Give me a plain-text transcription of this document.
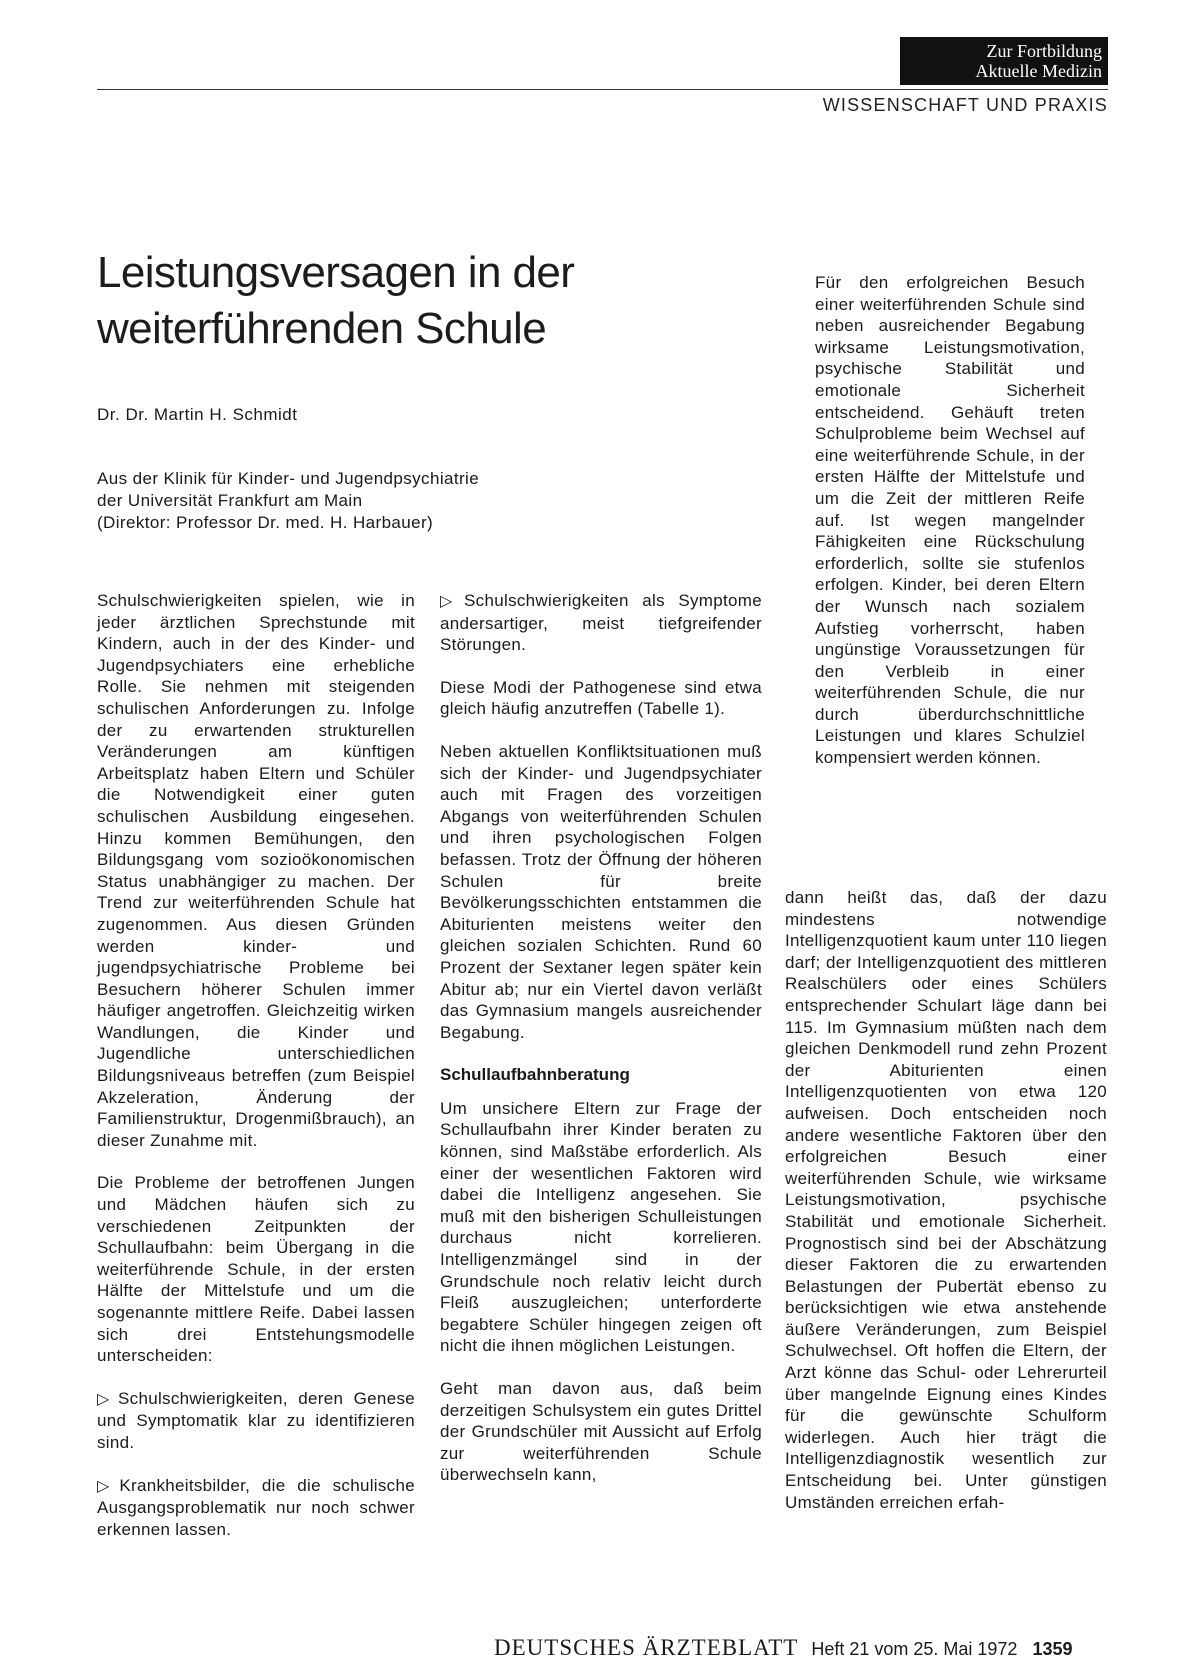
Zur Fortbildung
Aktuelle Medizin
WISSENSCHAFT UND PRAXIS
Leistungsversagen in der
weiterführenden Schule
Dr. Dr. Martin H. Schmidt
Aus der Klinik für Kinder- und Jugendpsychiatrie
der Universität Frankfurt am Main
(Direktor: Professor Dr. med. H. Harbauer)

Schulschwierigkeiten spielen, wie in jeder ärztlichen Sprechstunde mit Kindern, auch in der des Kinder- und Jugendpsychiaters eine erhebliche Rolle. Sie nehmen mit steigenden schulischen Anforderungen zu. Infolge der zu erwartenden strukturellen Veränderungen am künftigen Arbeitsplatz haben Eltern und Schüler die Notwendigkeit einer guten schulischen Ausbildung eingesehen. Hinzu kommen Bemühungen, den Bildungsgang vom sozioökonomischen Status unabhängiger zu machen. Der Trend zur weiterführenden Schule hat zugenommen. Aus diesen Gründen werden kinder- und jugendpsychiatrische Probleme bei Besuchern höherer Schulen immer häufiger angetroffen. Gleichzeitig wirken Wandlungen, die Kinder und Jugendliche unterschiedlichen Bildungsniveaus betreffen (zum Beispiel Akzeleration, Änderung der Familienstruktur, Drogenmißbrauch), an dieser Zunahme mit.

Die Probleme der betroffenen Jungen und Mädchen häufen sich zu verschiedenen Zeitpunkten der Schullaufbahn: beim Übergang in die weiterführende Schule, in der ersten Hälfte der Mittelstufe und um die sogenannte mittlere Reife. Dabei lassen sich drei Entstehungsmodelle unterscheiden:

▷ Schulschwierigkeiten, deren Genese und Symptomatik klar zu identifizieren sind.

▷ Krankheitsbilder, die die schulische Ausgangsproblematik nur noch schwer erkennen lassen.

▷ Schulschwierigkeiten als Symptome andersartiger, meist tiefgreifender Störungen.

Diese Modi der Pathogenese sind etwa gleich häufig anzutreffen (Tabelle 1).

Neben aktuellen Konfliktsituationen muß sich der Kinder- und Jugendpsychiater auch mit Fragen des vorzeitigen Abgangs von weiterführenden Schulen und ihren psychologischen Folgen befassen. Trotz der Öffnung der höheren Schulen für breite Bevölkerungsschichten entstammen die Abiturienten meistens weiter den gleichen sozialen Schichten. Rund 60 Prozent der Sextaner legen später kein Abitur ab; nur ein Viertel davon verläßt das Gymnasium mangels ausreichender Begabung.

Schullaufbahnberatung

Um unsichere Eltern zur Frage der Schullaufbahn ihrer Kinder beraten zu können, sind Maßstäbe erforderlich. Als einer der wesentlichen Faktoren wird dabei die Intelligenz angesehen. Sie muß mit den bisherigen Schulleistungen durchaus nicht korrelieren. Intelligenzmängel sind in der Grundschule noch relativ leicht durch Fleiß auszugleichen; unterforderte begabtere Schüler hingegen zeigen oft nicht die ihnen möglichen Leistungen.

Geht man davon aus, daß beim derzeitigen Schulsystem ein gutes Drittel der Grundschüler mit Aussicht auf Erfolg zur weiterführenden Schule überwechseln kann,

Für den erfolgreichen Besuch einer weiterführenden Schule sind neben ausreichender Begabung wirksame Leistungsmotivation, psychische Stabilität und emotionale Sicherheit entscheidend. Gehäuft treten Schulprobleme beim Wechsel auf eine weiterführende Schule, in der ersten Hälfte der Mittelstufe und um die Zeit der mittleren Reife auf. Ist wegen mangelnder Fähigkeiten eine Rückschulung erforderlich, sollte sie stufenlos erfolgen. Kinder, bei deren Eltern der Wunsch nach sozialem Aufstieg vorherrscht, haben ungünstige Voraussetzungen für den Verbleib in einer weiterführenden Schule, die nur durch überdurchschnittliche Leistungen und klares Schulziel kompensiert werden können.

dann heißt das, daß der dazu mindestens notwendige Intelligenzquotient kaum unter 110 liegen darf; der Intelligenzquotient des mittleren Realschülers oder eines Schülers entsprechender Schulart läge dann bei 115. Im Gymnasium müßten nach dem gleichen Denkmodell rund zehn Prozent der Abiturienten einen Intelligenzquotienten von etwa 120 aufweisen. Doch entscheiden noch andere wesentliche Faktoren über den erfolgreichen Besuch einer weiterführenden Schule, wie wirksame Leistungsmotivation, psychische Stabilität und emotionale Sicherheit. Prognostisch sind bei der Abschätzung dieser Faktoren die zu erwartenden Belastungen der Pubertät ebenso zu berücksichtigen wie etwa anstehende äußere Veränderungen, zum Beispiel Schulwechsel. Oft hoffen die Eltern, der Arzt könne das Schul- oder Lehrerurteil über mangelnde Eignung eines Kindes für die gewünschte Schulform widerlegen. Auch hier trägt die Intelligenzdiagnostik wesentlich zur Entscheidung bei. Unter günstigen Umständen erreichen erfah-

DEUTSCHES ÄRZTEBLATT Heft 21 vom 25. Mai 1972 1359
